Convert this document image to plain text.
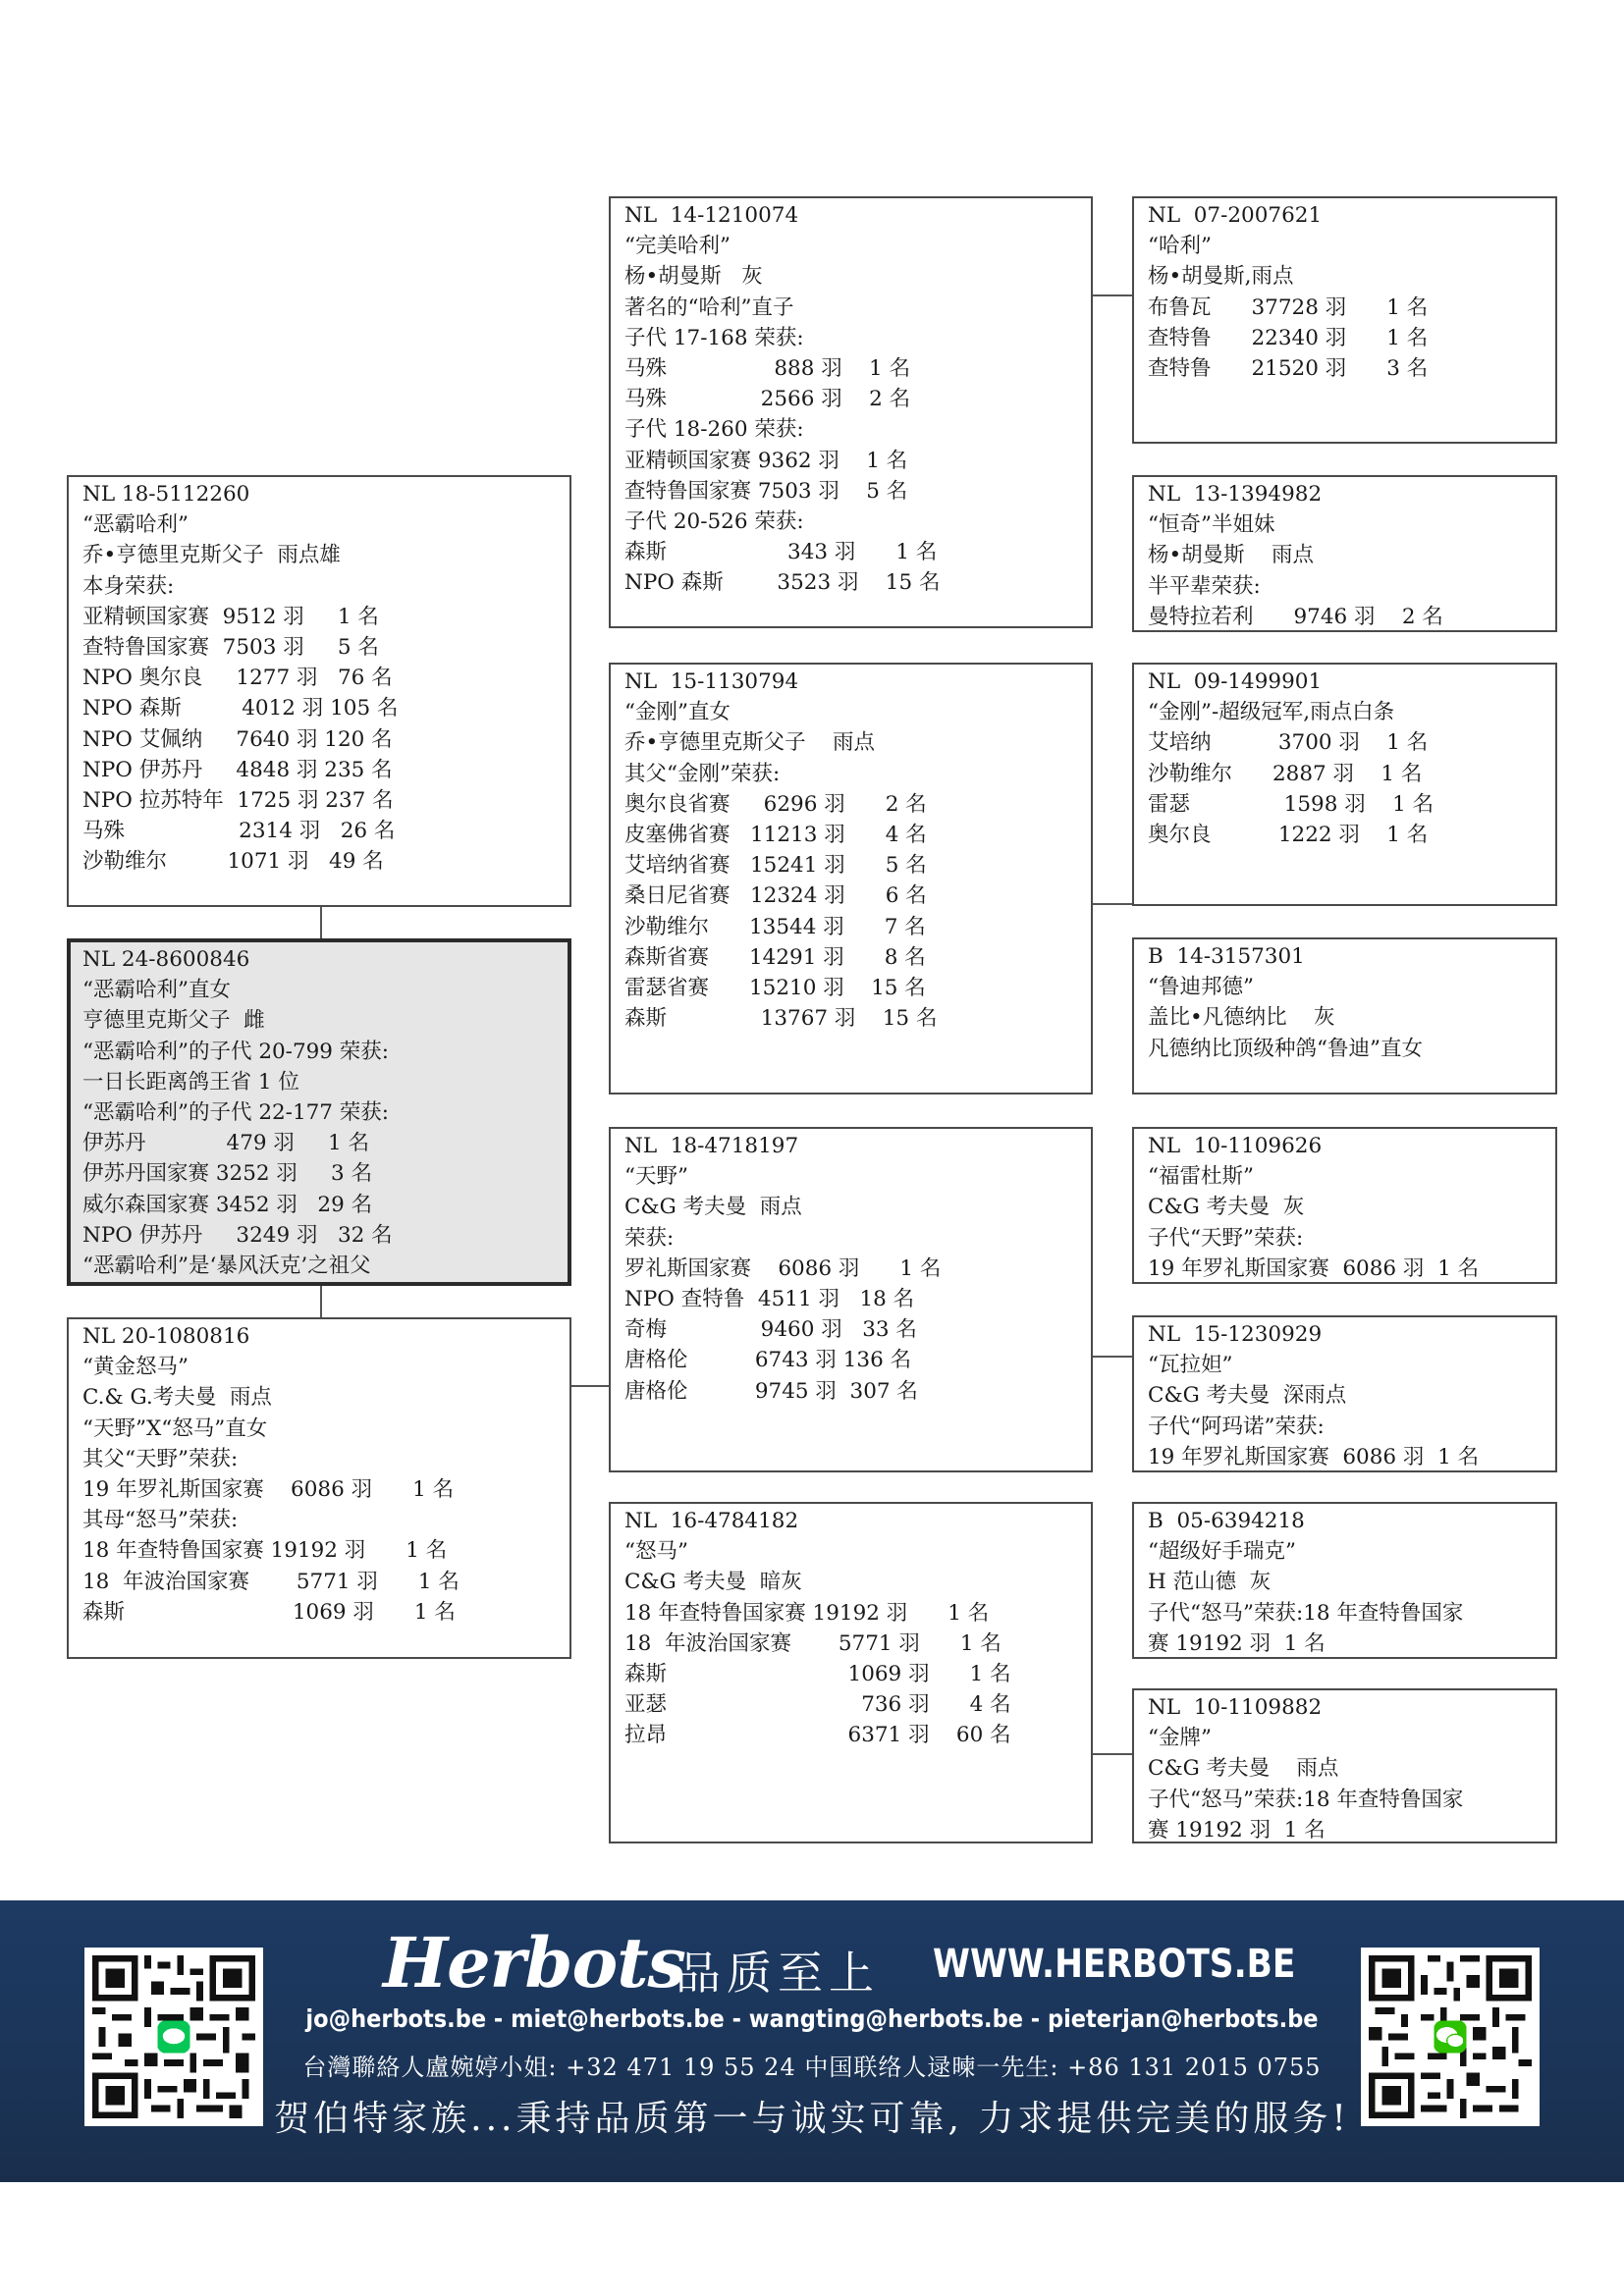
NL 18-5112260
“恶霸哈利”
乔•亨德里克斯父子  雨点雄
本身荣获:
亚精顿国家赛  9512 羽     1 名
查特鲁国家赛  7503 羽     5 名
NPO 奥尔良     1277 羽   76 名
NPO 森斯         4012 羽 105 名
NPO 艾佩纳     7640 羽 120 名
NPO 伊苏丹     4848 羽 235 名
NPO 拉苏特年  1725 羽 237 名
马殊                 2314 羽   26 名
沙勒维尔         1071 羽   49 名
NL 24-8600846
“恶霸哈利”直女
亨德里克斯父子  雌
“恶霸哈利”的子代 20-799 荣获:
一日长距离鸽王省 1 位
“恶霸哈利”的子代 22-177 荣获:
伊苏丹            479 羽     1 名
伊苏丹国家赛 3252 羽     3 名
威尔森国家赛 3452 羽   29 名
NPO 伊苏丹     3249 羽   32 名
“恶霸哈利”是‘暴风沃克’之祖父
NL 20-1080816
“黄金怒马”
C.& G.考夫曼  雨点
“天野”X“怒马”直女
其父“天野”荣获:
19 年罗礼斯国家赛    6086 羽      1 名
其母“怒马”荣获:
18 年查特鲁国家赛 19192 羽      1 名
18  年波治国家赛       5771 羽      1 名
森斯                         1069 羽      1 名
NL  14-1210074
“完美哈利”
杨•胡曼斯   灰
著名的“哈利”直子
子代 17-168 荣获:
马殊                888 羽    1 名
马殊              2566 羽    2 名
子代 18-260 荣获:
亚精顿国家赛 9362 羽    1 名
查特鲁国家赛 7503 羽    5 名
子代 20-526 荣获:
森斯                  343 羽      1 名
NPO 森斯        3523 羽    15 名
NL  15-1130794
“金刚”直女
乔•亨德里克斯父子    雨点
其父“金刚”荣获:
奥尔良省赛     6296 羽      2 名
皮塞佛省赛   11213 羽      4 名
艾培纳省赛   15241 羽      5 名
桑日尼省赛   12324 羽      6 名
沙勒维尔      13544 羽      7 名
森斯省赛      14291 羽      8 名
雷瑟省赛      15210 羽    15 名
森斯              13767 羽    15 名
NL  18-4718197
“天野”
C&G 考夫曼  雨点
荣获:
罗礼斯国家赛    6086 羽      1 名
NPO 查特鲁  4511 羽   18 名
奇梅              9460 羽   33 名
唐格伦          6743 羽 136 名
唐格伦          9745 羽  307 名
NL  16-4784182
“怒马”
C&G 考夫曼  暗灰
18 年查特鲁国家赛 19192 羽      1 名
18  年波治国家赛       5771 羽      1 名
森斯                           1069 羽      1 名
亚瑟                             736 羽      4 名
拉昂                           6371 羽    60 名
NL  07-2007621
“哈利”
杨•胡曼斯,雨点
布鲁瓦      37728 羽      1 名
查特鲁      22340 羽      1 名
查特鲁      21520 羽      3 名
NL  13-1394982
“恒奇”半姐妹
杨•胡曼斯    雨点
半平辈荣获:
曼特拉若利      9746 羽    2 名
NL  09-1499901
“金刚”-超级冠军,雨点白条
艾培纳          3700 羽    1 名
沙勒维尔      2887 羽    1 名
雷瑟              1598 羽    1 名
奥尔良          1222 羽    1 名
B  14-3157301
“鲁迪邦德”
盖比•凡德纳比    灰
凡德纳比顶级种鸽“鲁迪”直女
NL  10-1109626
“福雷杜斯”
C&G 考夫曼  灰
子代“天野”荣获:
19 年罗礼斯国家赛  6086 羽  1 名
NL  15-1230929
“瓦拉妲”
C&G 考夫曼  深雨点
子代“阿玛诺”荣获:
19 年罗礼斯国家赛  6086 羽  1 名
B  05-6394218
“超级好手瑞克”
H 范山德  灰
子代“怒马”荣获:18 年查特鲁国家
赛 19192 羽  1 名
NL  10-1109882
“金牌”
C&G 考夫曼    雨点
子代“怒马”荣获:18 年查特鲁国家
赛 19192 羽  1 名
Herbots
品质至上 WWW.HERBOTS.BE
jo@herbots.be - miet@herbots.be - wangting@herbots.be - pieterjan@herbots.be
台灣聯絡人盧婉婷小姐: +32 471 19 55 24 中国联络人逯暕一先生: +86 131 2015 0755
贺伯特家族...秉持品质第一与诚实可靠, 力求提供完美的服务!
